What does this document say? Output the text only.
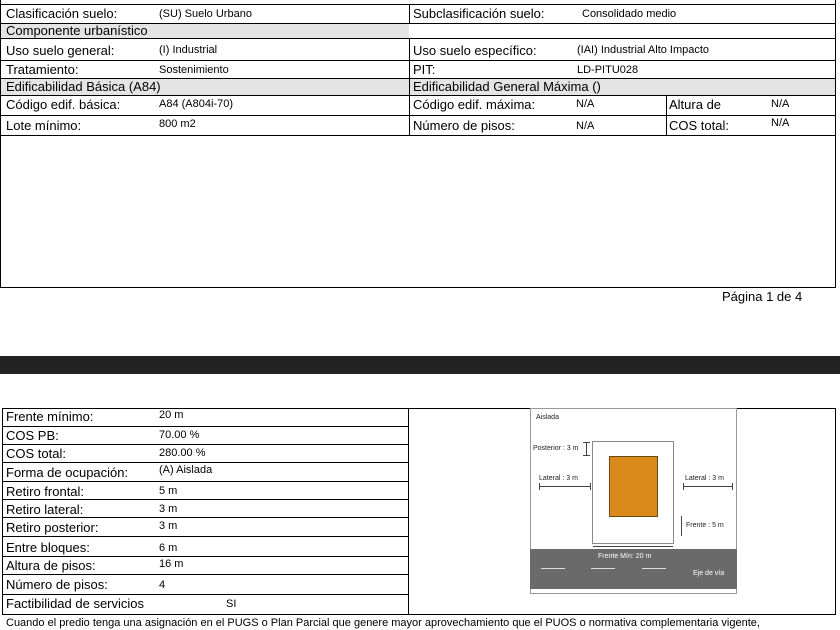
Clasificación suelo:	(SU) Suelo Urbano	Subclasificación suelo:	Consolidado medio
Componente urbanístico
Uso suelo general:	(I) Industrial	Uso suelo específico:	(IAI) Industrial Alto Impacto
Tratamiento:	Sostenimiento	PIT:	LD-PITU028
Edificabilidad Básica (A84)	Edificabilidad General Máxima ()
Código edif. básica:	A84 (A804i-70)	Código edif. máxima:	N/A	Altura de	N/A
Lote mínimo:	800 m2	Número de pisos:	N/A	COS total:	N/A
Página 1 de 4
Frente mínimo:	20 m
COS PB:	70.00 %
COS total:	280.00 %
Forma de ocupación:	(A) Aislada
Retiro frontal:	5 m
Retiro lateral:	3 m
Retiro posterior:	3 m
Entre bloques:	6 m
Altura de pisos:	16 m
Número de pisos:	4
Factibilidad de servicios	SI
Aislada
Posterior : 3 m
Lateral : 3 m	Lateral : 3 m
Frente : 5 m
Frente Mín: 20 m
Eje de vía
Cuando el predio tenga una asignación en el PUGS o Plan Parcial que genere mayor aprovechamiento que el PUOS o normativa complementaria vigente,
